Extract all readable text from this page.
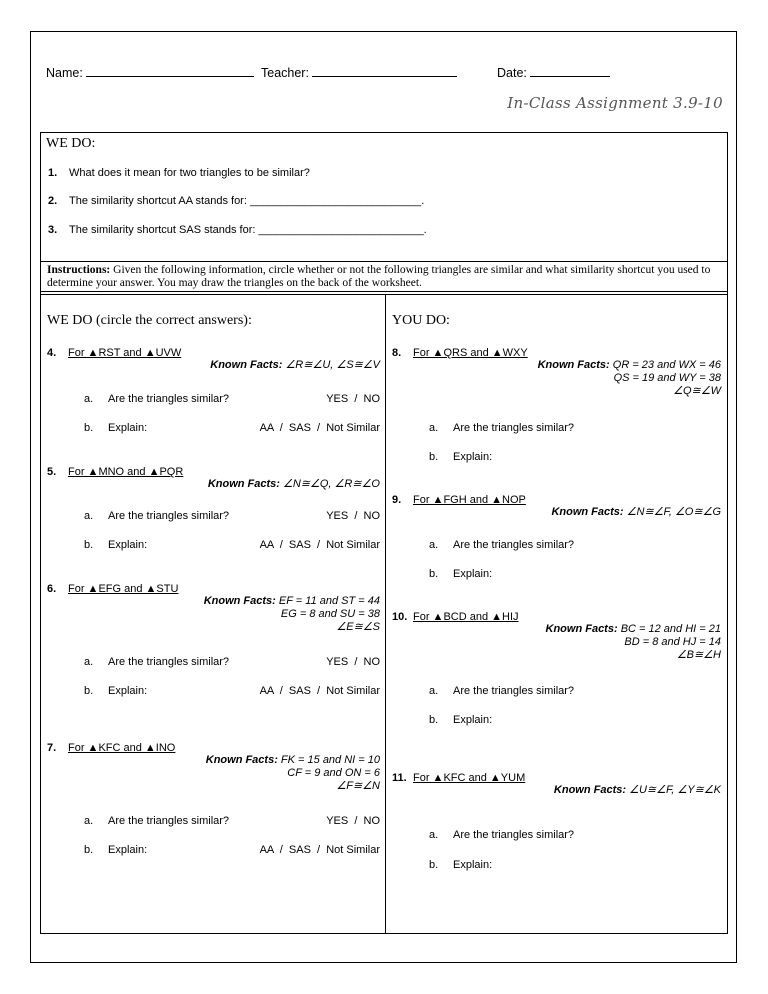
Name:	Teacher:	Date:
In-Class Assignment 3.9-10
WE DO:
1. What does it mean for two triangles to be similar?
2. The similarity shortcut AA stands for: ____________________________.
3. The similarity shortcut SAS stands for: ___________________________.
Instructions: Given the following information, circle whether or not the following triangles are similar and what similarity shortcut you used to determine your answer. You may draw the triangles on the back of the worksheet.
WE DO (circle the correct answers):
4. For ▲RST and ▲UVW
Known Facts: ∠R≅∠U, ∠S≅∠V
a. Are the triangles similar?	YES  /  NO
b. Explain:	AA  /  SAS  /  Not Similar
5. For ▲MNO and ▲PQR
Known Facts: ∠N≅∠Q, ∠R≅∠O
a. Are the triangles similar?	YES  /  NO
b. Explain:	AA  /  SAS  /  Not Similar
6. For ▲EFG and ▲STU
Known Facts: EF = 11 and ST = 44
EG = 8 and SU = 38
∠E≅∠S
a. Are the triangles similar?	YES  /  NO
b. Explain:	AA  /  SAS  /  Not Similar
7. For ▲KFC and ▲INO
Known Facts: FK = 15 and NI = 10
CF = 9 and ON = 6
∠F≅∠N
a. Are the triangles similar?	YES  /  NO
b. Explain:	AA  /  SAS  /  Not Similar
YOU DO:
8. For ▲QRS and ▲WXY
Known Facts: QR = 23 and WX = 46
QS = 19 and WY = 38
∠Q≅∠W
a. Are the triangles similar?
b. Explain:
9. For ▲FGH and ▲NOP
Known Facts: ∠N≅∠F, ∠O≅∠G
a. Are the triangles similar?
b. Explain:
10. For ▲BCD and ▲HIJ
Known Facts: BC = 12 and HI = 21
BD = 8 and HJ = 14
∠B≅∠H
a. Are the triangles similar?
b. Explain:
11. For ▲KFC and ▲YUM
Known Facts: ∠U≅∠F, ∠Y≅∠K
a. Are the triangles similar?
b. Explain:
